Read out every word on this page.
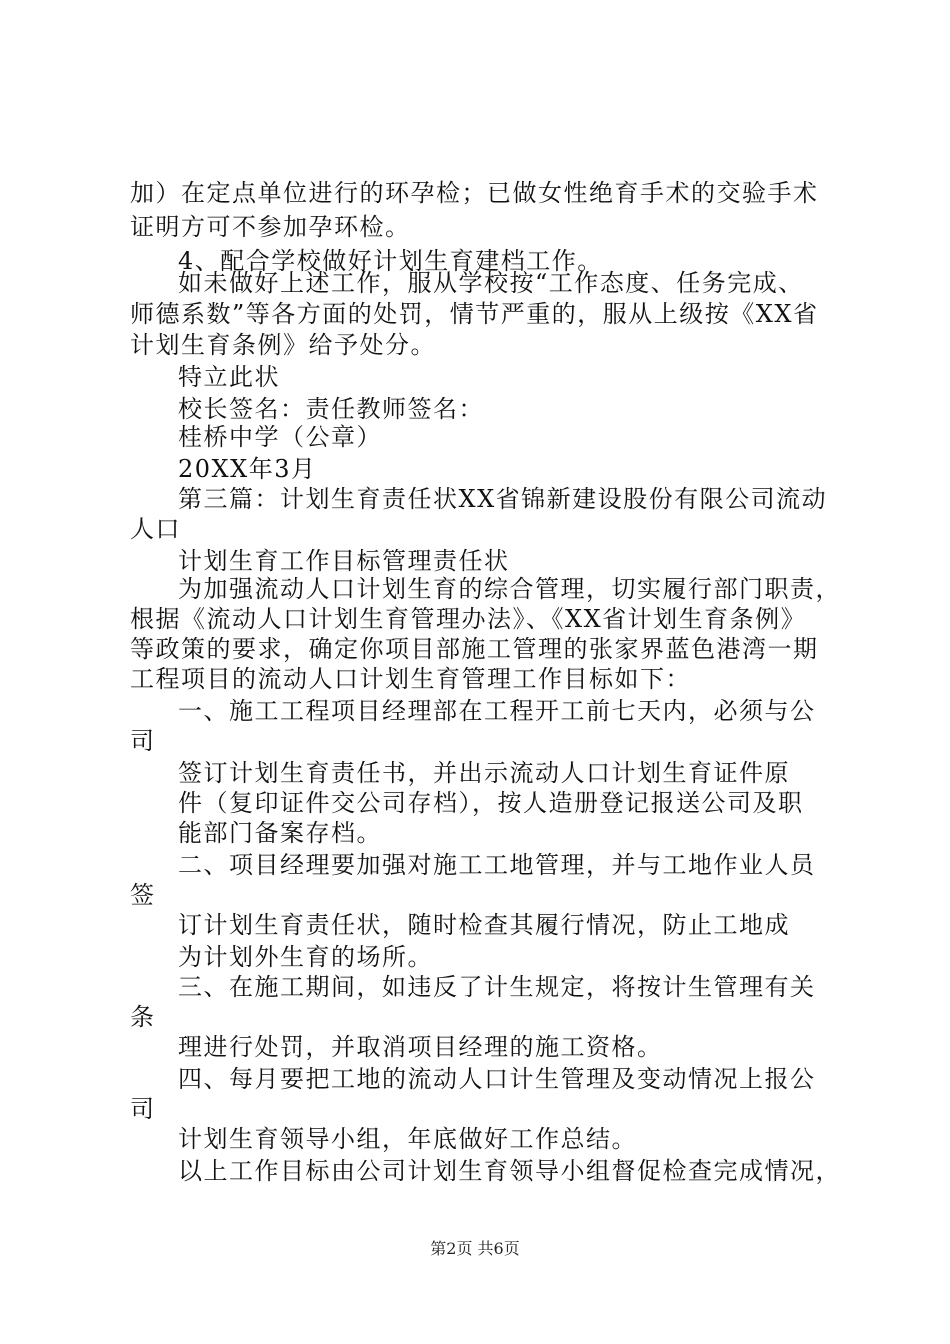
加）在定点单位进行的环孕检；已做女性绝育手术的交验手术
证明方可不参加孕环检。
4、配合学校做好计划生育建档工作。
如未做好上述工作，服从学校按“工作态度、任务完成、
师德系数”等各方面的处罚，情节严重的，服从上级按《XX省
计划生育条例》给予处分。
特立此状
校长签名：责任教师签名：
桂桥中学（公章）
20XX年3月
第三篇：计划生育责任状XX省锦新建设股份有限公司流动
人口
计划生育工作目标管理责任状
为加强流动人口计划生育的综合管理，切实履行部门职责，
根据《流动人口计划生育管理办法》、《XX省计划生育条例》
等政策的要求，确定你项目部施工管理的张家界蓝色港湾一期
工程项目的流动人口计划生育管理工作目标如下：
一、施工工程项目经理部在工程开工前七天内，必须与公
司
签订计划生育责任书，并出示流动人口计划生育证件原
件（复印证件交公司存档），按人造册登记报送公司及职
能部门备案存档。
二、项目经理要加强对施工工地管理，并与工地作业人员
签
订计划生育责任状，随时检查其履行情况，防止工地成
为计划外生育的场所。
三、在施工期间，如违反了计生规定，将按计生管理有关
条
理进行处罚，并取消项目经理的施工资格。
四、每月要把工地的流动人口计生管理及变动情况上报公
司
计划生育领导小组，年底做好工作总结。
以上工作目标由公司计划生育领导小组督促检查完成情况，
第2页 共6页
